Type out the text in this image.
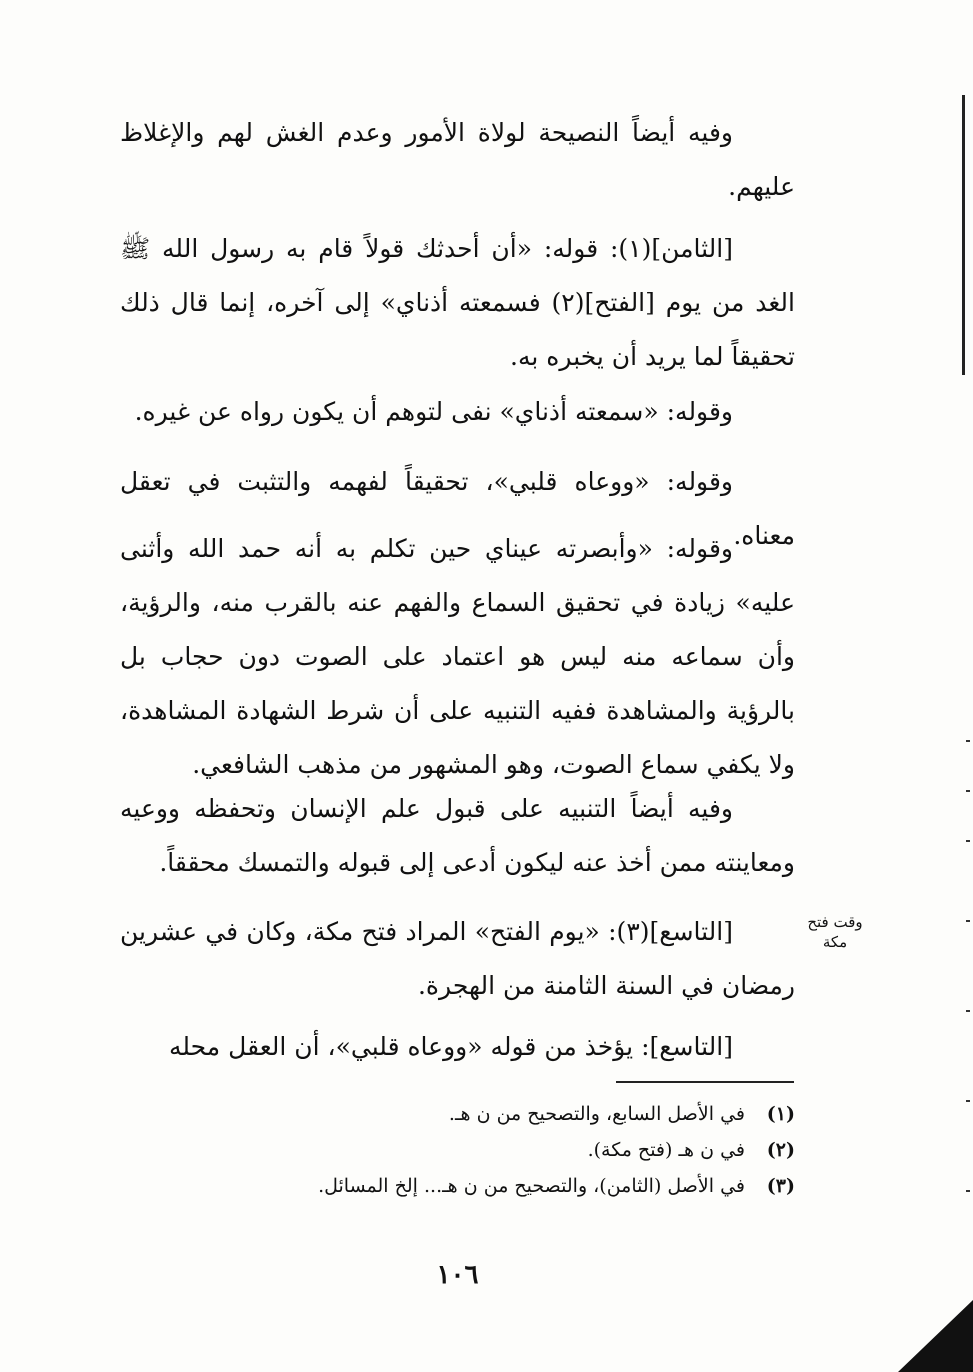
وفيه أيضاً النصيحة لولاة الأمور وعدم الغش لهم والإغلاظ عليهم.

[الثامن](١): قوله: «أن أحدثك قولاً قام به رسول الله ﷺ الغد من يوم [الفتح](٢) فسمعته أذناي» إلى آخره، إنما قال ذلك تحقيقاً لما يريد أن يخبره به.

وقوله: «سمعته أذناي» نفى لتوهم أن يكون رواه عن غيره.

وقوله: «ووعاه قلبي»، تحقيقاً لفهمه والتثبت في تعقل معناه.

وقوله: «وأبصرته عيناي حين تكلم به أنه حمد الله وأثنى عليه» زيادة في تحقيق السماع والفهم عنه بالقرب منه، والرؤية، وأن سماعه منه ليس هو اعتماد على الصوت دون حجاب بل بالرؤية والمشاهدة ففيه التنبيه على أن شرط الشهادة المشاهدة، ولا يكفي سماع الصوت، وهو المشهور من مذهب الشافعي.

وفيه أيضاً التنبيه على قبول علم الإنسان وتحفظه ووعيه ومعاينته ممن أخذ عنه ليكون أدعى إلى قبوله والتمسك محققاً.

[التاسع](٣): «يوم الفتح» المراد فتح مكة، وكان في عشرين رمضان في السنة الثامنة من الهجرة.

[التاسع]: يؤخذ من قوله «ووعاه قلبي»، أن العقل محله

وقت فتح مكة
(١)
في الأصل السابع، والتصحيح من ن هـ.
(٢)
في ن هـ (فتح مكة).
(٣)
في الأصل (الثامن)، والتصحيح من ن هـ... إلخ المسائل.
١٠٦
